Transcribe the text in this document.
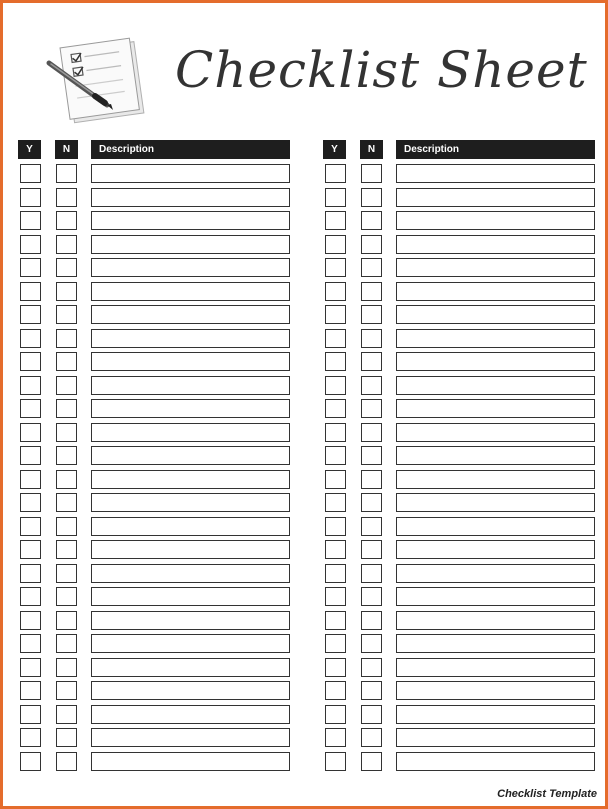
Checklist Sheet
Y	N	Description	Y	N	Description
Checklist Template
